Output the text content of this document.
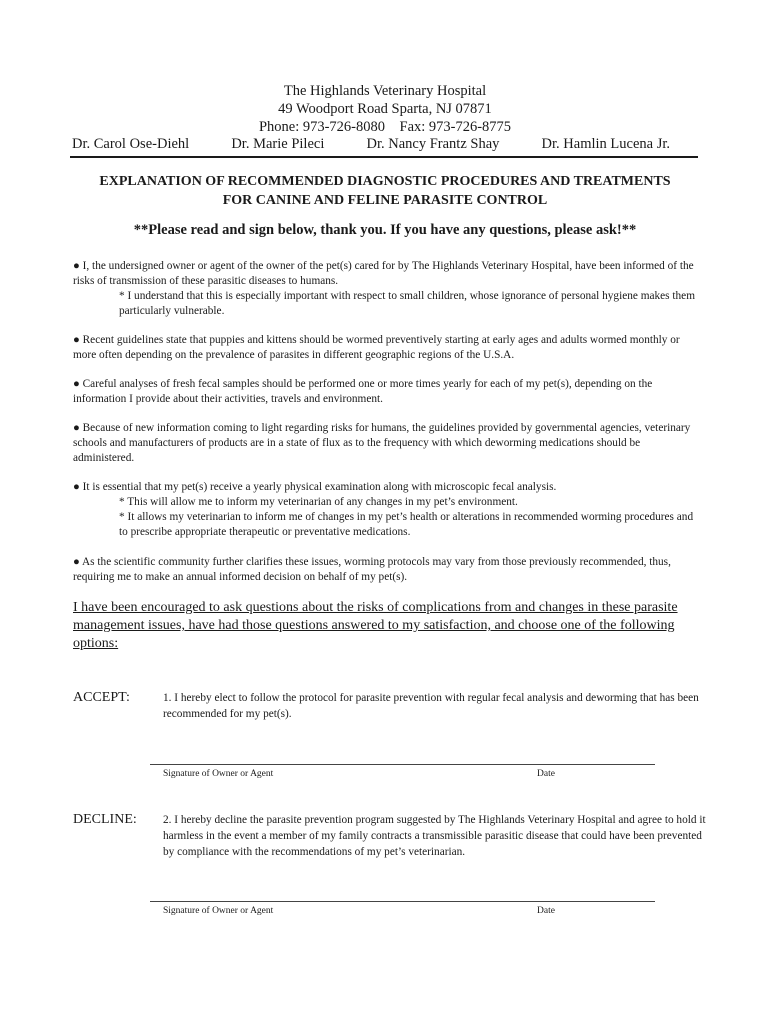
The Highlands Veterinary Hospital
49 Woodport Road Sparta, NJ 07871
Phone: 973-726-8080    Fax: 973-726-8775
Dr. Carol Ose-Diehl	Dr. Marie Pileci	Dr. Nancy Frantz Shay	Dr. Hamlin Lucena Jr.
EXPLANATION OF RECOMMENDED DIAGNOSTIC PROCEDURES AND TREATMENTS
FOR CANINE AND FELINE PARASITE CONTROL
**Please read and sign below, thank you. If you have any questions, please ask!**
● I, the undersigned owner or agent of the owner of the pet(s) cared for by The Highlands Veterinary Hospital, have been informed of the risks of transmission of these parasitic diseases to humans.
* I understand that this is especially important with respect to small children, whose ignorance of personal hygiene makes them particularly vulnerable.
● Recent guidelines state that puppies and kittens should be wormed preventively starting at early ages and adults wormed monthly or more often depending on the prevalence of parasites in different geographic regions of the U.S.A.
● Careful analyses of fresh fecal samples should be performed one or more times yearly for each of my pet(s), depending on the information I provide about their activities, travels and environment.
● Because of new information coming to light regarding risks for humans, the guidelines provided by governmental agencies, veterinary schools and manufacturers of products are in a state of flux as to the frequency with which deworming medications should be administered.
● It is essential that my pet(s) receive a yearly physical examination along with microscopic fecal analysis.
* This will allow me to inform my veterinarian of any changes in my pet’s environment.
* It allows my veterinarian to inform me of changes in my pet’s health or alterations in recommended worming procedures and to prescribe appropriate therapeutic or preventative medications.
● As the scientific community further clarifies these issues, worming protocols may vary from those previously recommended, thus, requiring me to make an annual informed decision on behalf of my pet(s).
I have been encouraged to ask questions about the risks of complications from and changes in these parasite management issues, have had those questions answered to my satisfaction, and choose one of the following options:
ACCEPT:	1. I hereby elect to follow the protocol for parasite prevention with regular fecal analysis and deworming that has been recommended for my pet(s).
Signature of Owner or Agent	Date
DECLINE: 2. I hereby decline the parasite prevention program suggested by The Highlands Veterinary Hospital and agree to hold it harmless in the event a member of my family contracts a transmissible parasitic disease that could have been prevented by compliance with the recommendations of my pet’s veterinarian.
Signature of Owner or Agent	Date
